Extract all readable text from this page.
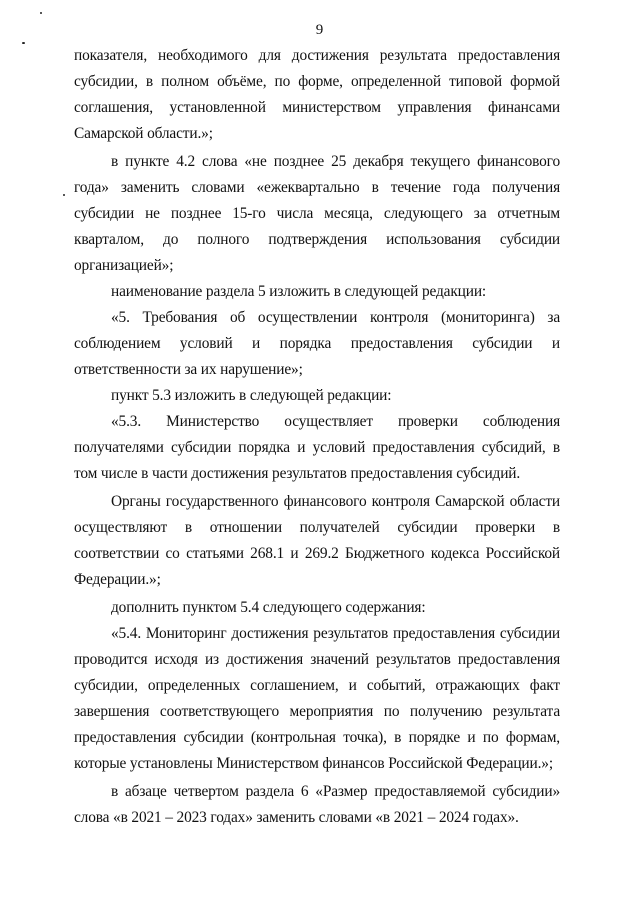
9
показателя, необходимого для достижения результата предоставления
субсидии, в полном объёме, по форме, определенной типовой формой
соглашения, установленной министерством управления финансами
Самарской области.»;
в пункте 4.2 слова «не позднее 25 декабря текущего финансового
года» заменить словами «ежеквартально в течение года получения
субсидии не позднее 15-го числа месяца, следующего за отчетным
кварталом, до полного подтверждения использования субсидии
организацией»;
наименование раздела 5 изложить в следующей редакции:
«5. Требования об осуществлении контроля (мониторинга) за
соблюдением условий и порядка предоставления субсидии и
ответственности за их нарушение»;
пункт 5.3 изложить в следующей редакции:
«5.3. Министерство осуществляет проверки соблюдения
получателями субсидии порядка и условий предоставления субсидий, в
том числе в части достижения результатов предоставления субсидий.
Органы государственного финансового контроля Самарской области
осуществляют в отношении получателей субсидии проверки в
соответствии со статьями 268.1 и 269.2 Бюджетного кодекса Российской
Федерации.»;
дополнить пунктом 5.4 следующего содержания:
«5.4. Мониторинг достижения результатов предоставления субсидии
проводится исходя из достижения значений результатов предоставления
субсидии, определенных соглашением, и событий, отражающих факт
завершения соответствующего мероприятия по получению результата
предоставления субсидии (контрольная точка), в порядке и по формам,
которые установлены Министерством финансов Российской Федерации.»;
в абзаце четвертом раздела 6 «Размер предоставляемой субсидии»
слова «в 2021 – 2023 годах» заменить словами «в 2021 – 2024 годах».
